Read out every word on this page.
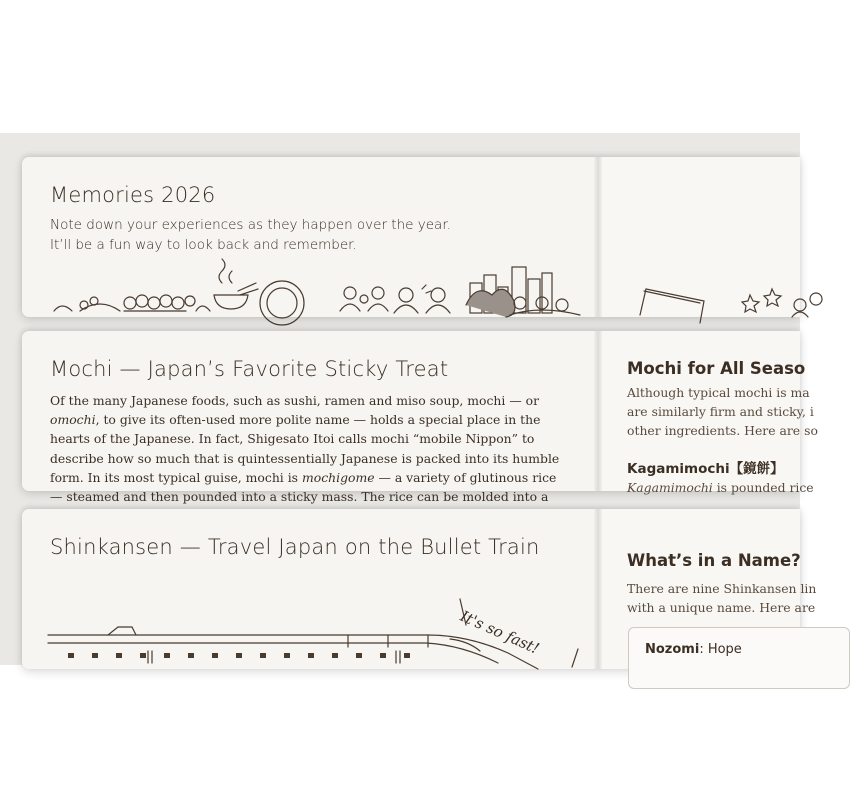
Memories 2026

Note down your experiences as they happen over the year.

It’ll be a fun way to look back and remember.

Mochi — Japan’s Favorite Sticky Treat

Of the many Japanese foods, such as sushi, ramen and miso soup, mochi — or omochi, to give its often-used more polite name — holds a special place in the hearts of the Japanese. In fact, Shigesato Itoi calls mochi “mobile Nippon” to describe how so much that is quintessentially Japanese is packed into its humble form. In its most typical guise, mochi is mochigome — a variety of glutinous rice — steamed and then pounded into a sticky mass. The rice can be molded into a

Mochi for All Seaso

Although typical mochi is ma

are similarly firm and sticky, i

other ingredients. Here are so

Kagamimochi【鏡餅】

Kagamimochi is pounded rice

Shinkansen — Travel Japan on the Bullet Train
It's so fast!
What’s in a Name?

There are nine Shinkansen lin

with a unique name. Here are

Nozomi: Hope
